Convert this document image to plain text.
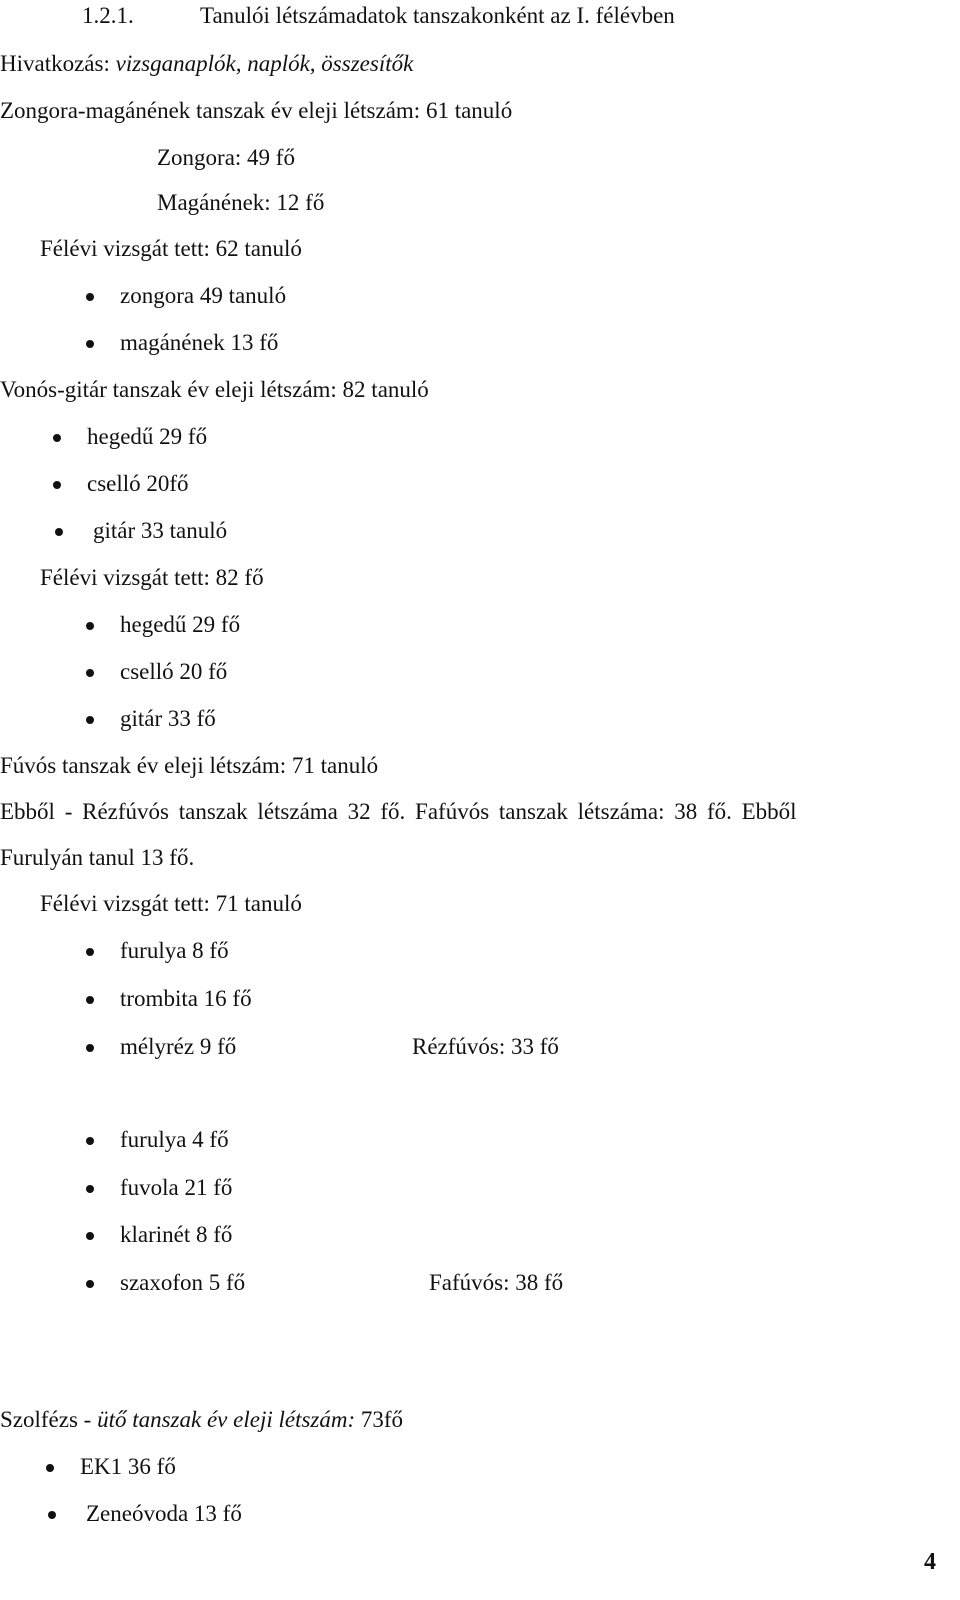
1.2.1.	Tanulói létszámadatok tanszakonként az I. félévben
Hivatkozás: vizsganaplók, naplók, összesítők
Zongora-magánének tanszak év eleji létszám: 61 tanuló
Zongora: 49 fő
Magánének: 12 fő
Félévi vizsgát tett: 62 tanuló
zongora 49 tanuló
magánének 13 fő
Vonós-gitár tanszak év eleji létszám: 82 tanuló
hegedű 29 fő
cselló 20fő
gitár 33 tanuló
Félévi vizsgát tett: 82 fő
hegedű 29 fő
cselló 20 fő
gitár 33 fő
Fúvós tanszak év eleji létszám: 71 tanuló
Ebből - Rézfúvós tanszak létszáma 32 fő. Fafúvós tanszak létszáma: 38 fő. Ebből
Furulyán tanul 13 fő.
Félévi vizsgát tett: 71 tanuló
furulya 8 fő
trombita 16 fő
mélyréz 9 fő	Rézfúvós: 33 fő
furulya 4 fő
fuvola 21 fő
klarinét 8 fő
szaxofon 5 fő	Fafúvós: 38 fő
Szolfézs - ütő tanszak év eleji létszám: 73fő
EK1 36 fő
Zeneóvoda 13 fő
4
